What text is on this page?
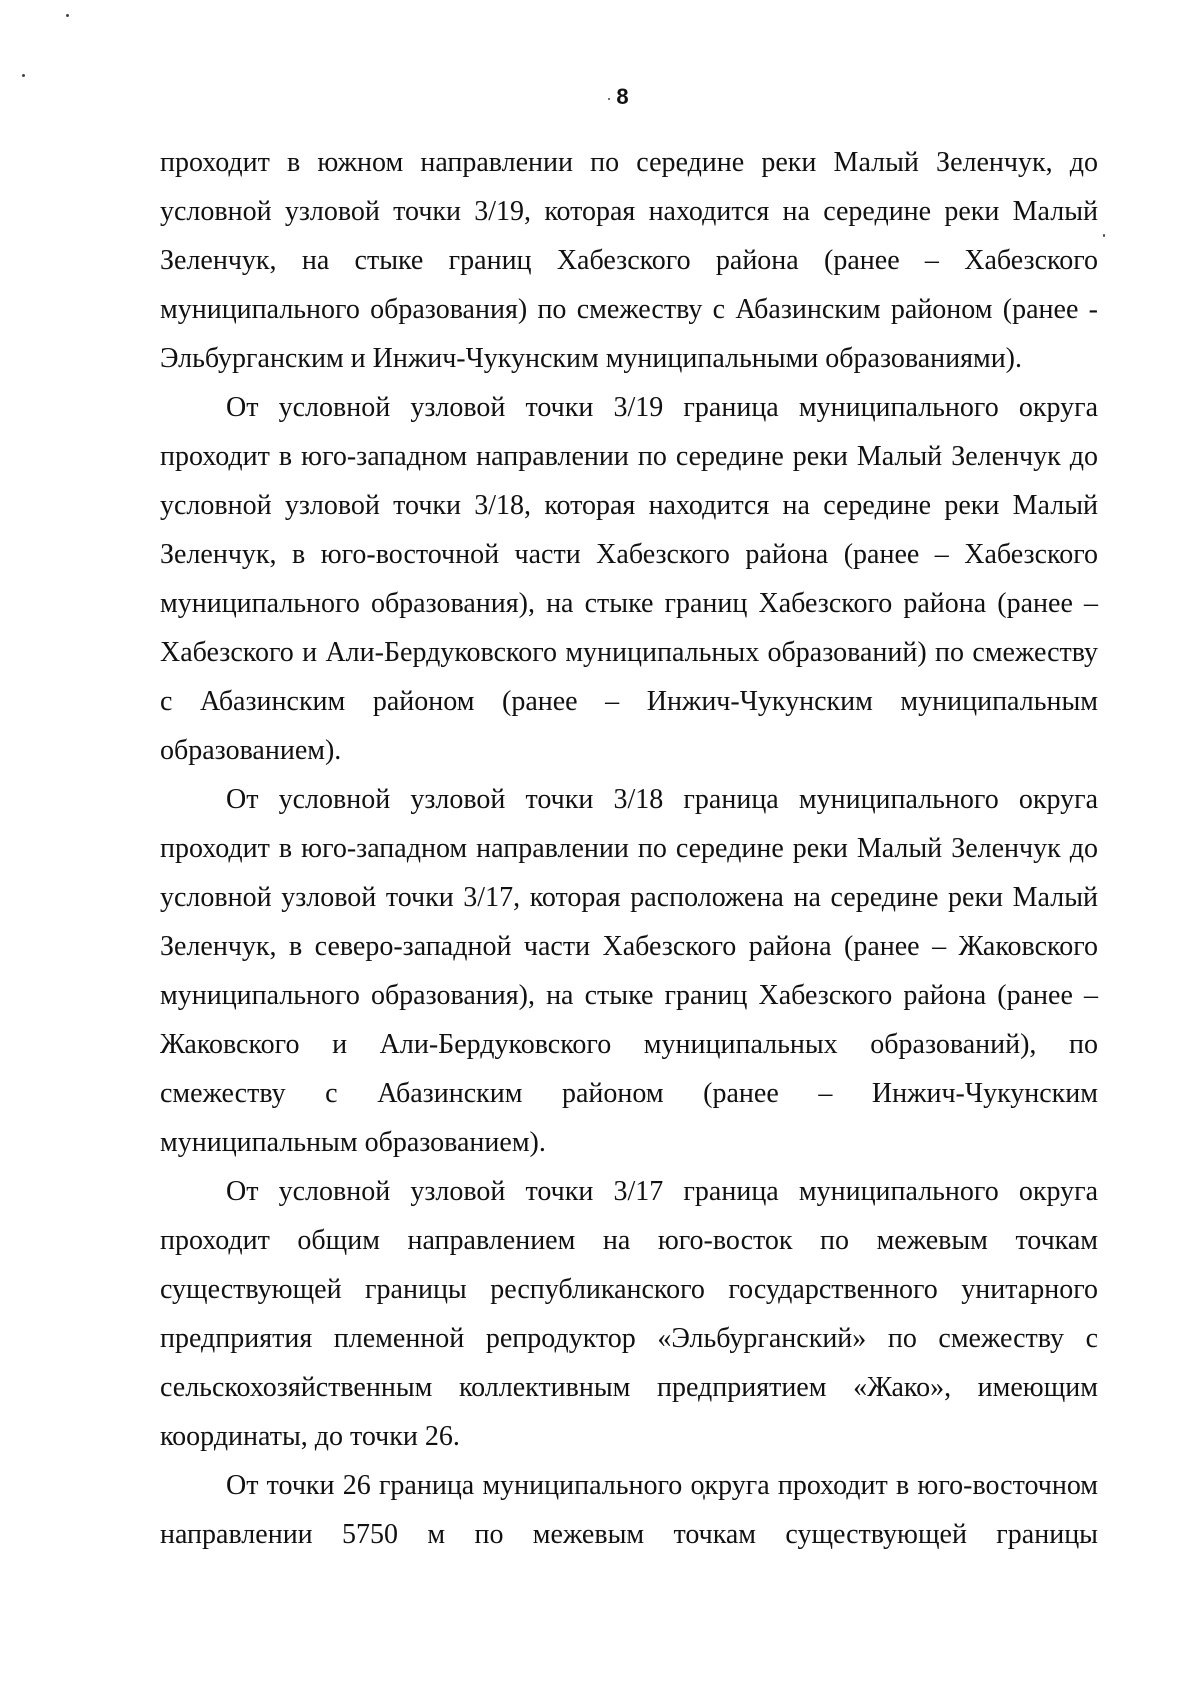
8

проходит в южном направлении по середине реки Малый Зеленчук, до условной узловой точки 3/19, которая находится на середине реки Малый Зеленчук, на стыке границ Хабезского района (ранее – Хабезского муниципального образования) по смежеству с Абазинским районом (ранее - Эльбурганским и Инжич-Чукунским муниципальными образованиями).

От условной узловой точки 3/19 граница муниципального округа проходит в юго-западном направлении по середине реки Малый Зеленчук до условной узловой точки 3/18, которая находится на середине реки Малый Зеленчук, в юго-восточной части Хабезского района (ранее – Хабезского муниципального образования), на стыке границ Хабезского района (ранее – Хабезского и Али-Бердуковского муниципальных образований) по смежеству с Абазинским районом (ранее – Инжич-Чукунским муниципальным образованием).

От условной узловой точки 3/18 граница муниципального округа проходит в юго-западном направлении по середине реки Малый Зеленчук до условной узловой точки 3/17, которая расположена на середине реки Малый Зеленчук, в северо-западной части Хабезского района (ранее – Жаковского муниципального образования), на стыке границ Хабезского района (ранее – Жаковского и Али-Бердуковского муниципальных образований), по смежеству с Абазинским районом (ранее – Инжич-Чукунским муниципальным образованием).

От условной узловой точки 3/17 граница муниципального округа проходит общим направлением на юго-восток по межевым точкам существующей границы республиканского государственного унитарного предприятия племенной репродуктор «Эльбурганский» по смежеству с сельскохозяйственным коллективным предприятием «Жако», имеющим координаты, до точки 26.

От точки 26 граница муниципального округа проходит в юго-восточном направлении 5750 м по межевым точкам существующей границы
